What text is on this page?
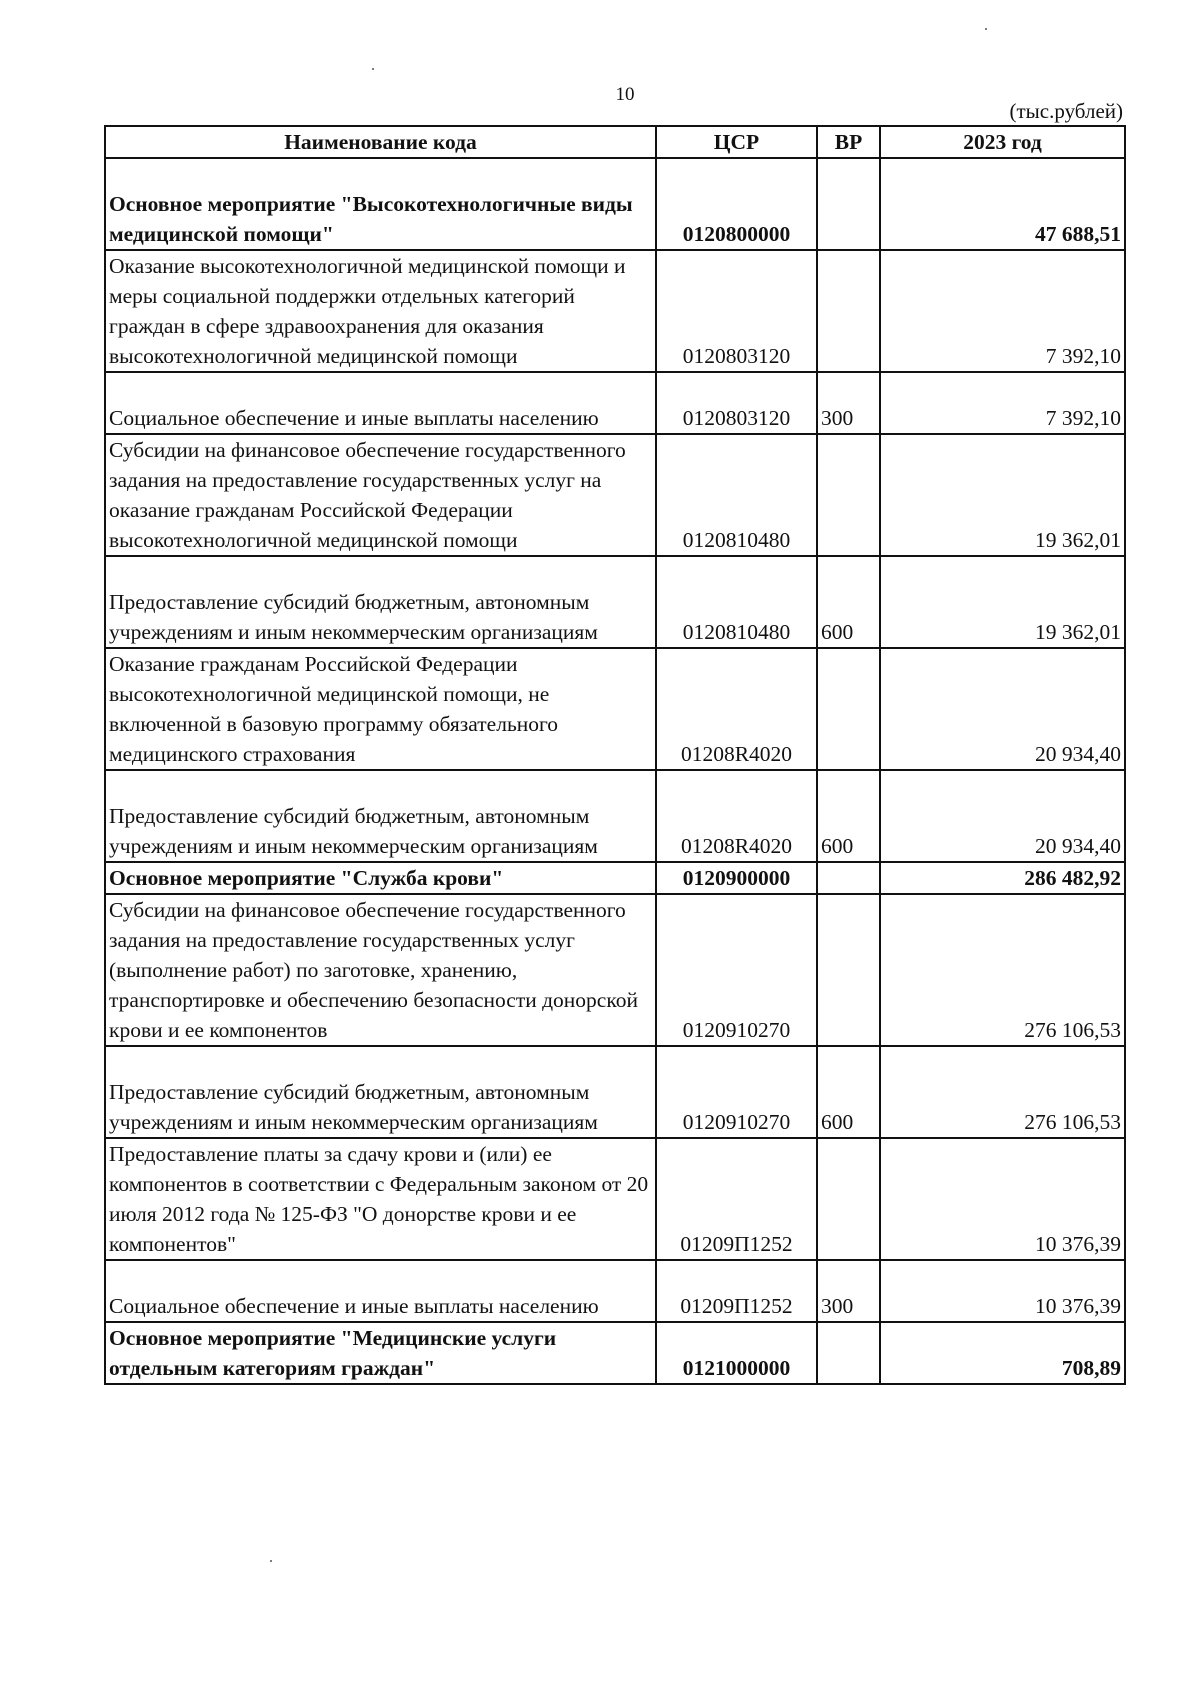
10
(тыс.рублей)
Наименование кода	ЦСР	ВР	2023 год
Основное мероприятие "Высокотехнологичные виды медицинской помощи"	0120800000		47 688,51
Оказание высокотехнологичной медицинской помощи и меры социальной поддержки отдельных категорий граждан в сфере здравоохранения для оказания высокотехнологичной медицинской помощи	0120803120		7 392,10
Социальное обеспечение и иные выплаты населению	0120803120	300	7 392,10
Субсидии на финансовое обеспечение государственного задания на предоставление государственных услуг на оказание гражданам Российской Федерации высокотехнологичной медицинской помощи	0120810480		19 362,01
Предоставление субсидий бюджетным, автономным учреждениям и иным некоммерческим организациям	0120810480	600	19 362,01
Оказание гражданам Российской Федерации высокотехнологичной медицинской помощи, не включенной в базовую программу обязательного медицинского страхования	01208R4020		20 934,40
Предоставление субсидий бюджетным, автономным учреждениям и иным некоммерческим организациям	01208R4020	600	20 934,40
Основное мероприятие "Служба крови"	0120900000		286 482,92
Субсидии на финансовое обеспечение государственного задания на предоставление государственных услуг (выполнение работ) по заготовке, хранению, транспортировке и обеспечению безопасности донорской крови и ее компонентов	0120910270		276 106,53
Предоставление субсидий бюджетным, автономным учреждениям и иным некоммерческим организациям	0120910270	600	276 106,53
Предоставление платы за сдачу крови и (или) ее компонентов в соответствии с Федеральным законом от 20 июля 2012 года № 125-ФЗ "О донорстве крови и ее компонентов"	01209П1252		10 376,39
Социальное обеспечение и иные выплаты населению	01209П1252	300	10 376,39
Основное мероприятие "Медицинские услуги отдельным категориям граждан"	0121000000		708,89
